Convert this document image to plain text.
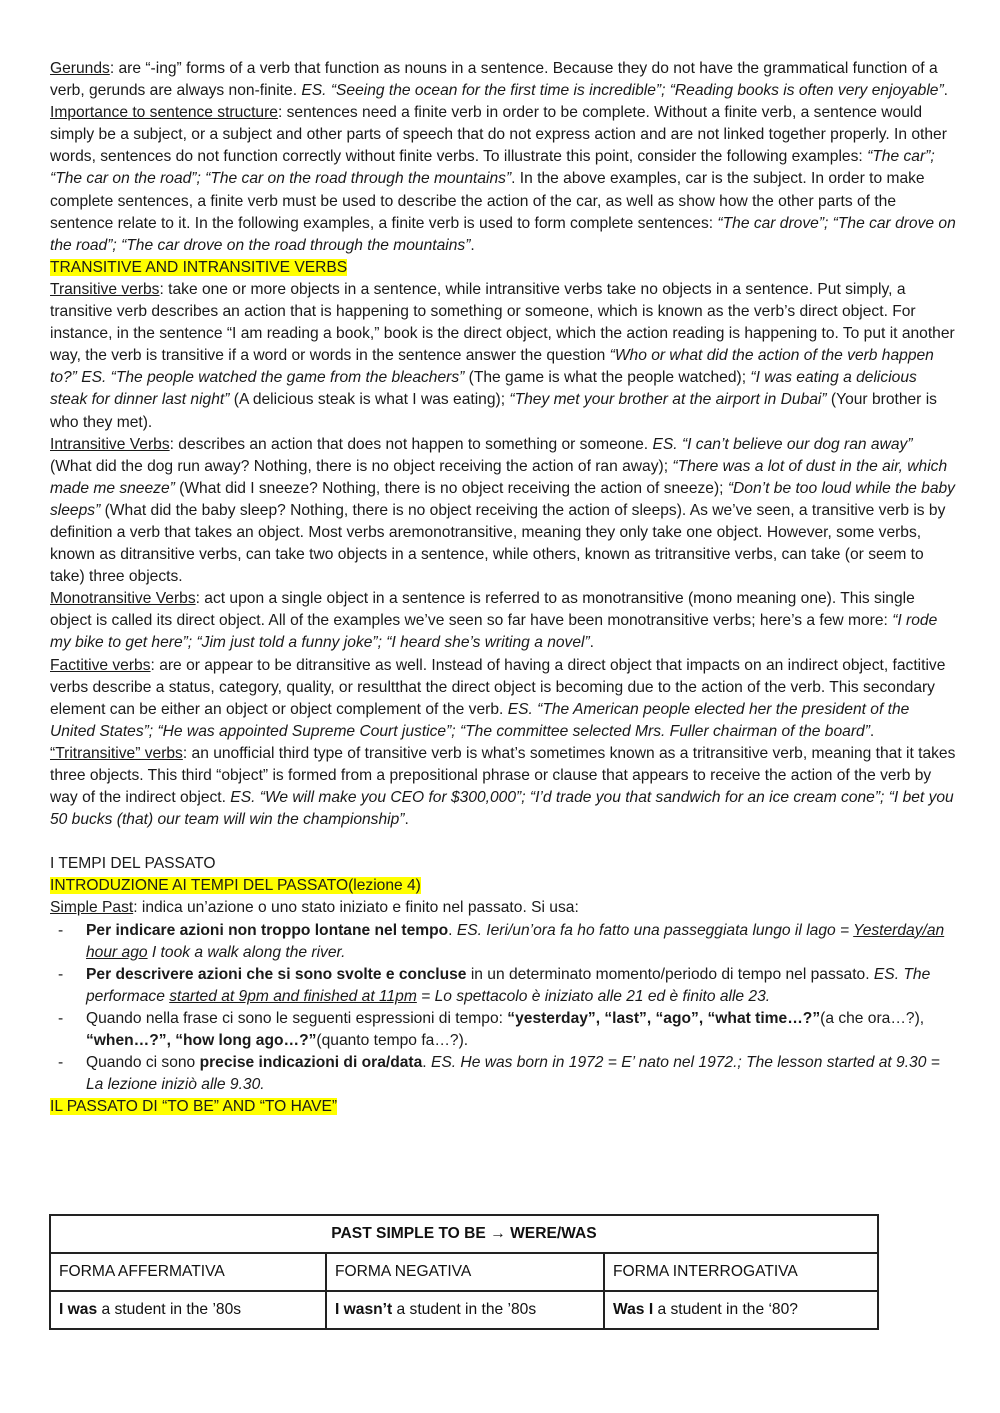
Gerunds: are “-ing” forms of a verb that function as nouns in a sentence. Because they do not have the grammatical function of a verb, gerunds are always non-finite. ES. “Seeing the ocean for the first time is incredible”; “Reading books is often very enjoyable”.

Importance to sentence structure: sentences need a finite verb in order to be complete. Without a finite verb, a sentence would simply be a subject, or a subject and other parts of speech that do not express action and are not linked together properly. In other words, sentences do not function correctly without finite verbs. To illustrate this point, consider the following examples: “The car”; “The car on the road”; “The car on the road through the mountains”. In the above examples, car is the subject. In order to make complete sentences, a finite verb must be used to describe the action of the car, as well as show how the other parts of the sentence relate to it. In the following examples, a finite verb is used to form complete sentences: “The car drove”; “The car drove on the road”; “The car drove on the road through the mountains”.

TRANSITIVE AND INTRANSITIVE VERBS

Transitive verbs: take one or more objects in a sentence, while intransitive verbs take no objects in a sentence. Put simply, a transitive verb describes an action that is happening to something or someone, which is known as the verb’s direct object. For instance, in the sentence “I am reading a book,” book is the direct object, which the action reading is happening to. To put it another way, the verb is transitive if a word or words in the sentence answer the question “Who or what did the action of the verb happen to?” ES. “The people watched the game from the bleachers” (The game is what the people watched); “I was eating a delicious steak for dinner last night” (A delicious steak is what I was eating); “They met your brother at the airport in Dubai” (Your brother is who they met).

Intransitive Verbs: describes an action that does not happen to something or someone. ES. “I can’t believe our dog ran away” (What did the dog run away? Nothing, there is no object receiving the action of ran away); “There was a lot of dust in the air, which made me sneeze” (What did I sneeze? Nothing, there is no object receiving the action of sneeze); “Don’t be too loud while the baby sleeps” (What did the baby sleep? Nothing, there is no object receiving the action of sleeps). As we’ve seen, a transitive verb is by definition a verb that takes an object. Most verbs aremonotransitive, meaning they only take one object. However, some verbs, known as ditransitive verbs, can take two objects in a sentence, while others, known as tritransitive verbs, can take (or seem to take) three objects.

Monotransitive Verbs: act upon a single object in a sentence is referred to as monotransitive (mono meaning one). This single object is called its direct object. All of the examples we’ve seen so far have been monotransitive verbs; here’s a few more: “I rode my bike to get here”; “Jim just told a funny joke”; “I heard she’s writing a novel”.

Factitive verbs: are or appear to be ditransitive as well. Instead of having a direct object that impacts on an indirect object, factitive verbs describe a status, category, quality, or resultthat the direct object is becoming due to the action of the verb. This secondary element can be either an object or object complement of the verb. ES. “The American people elected her the president of the United States”; “He was appointed Supreme Court justice”; “The committee selected Mrs. Fuller chairman of the board”.

“Tritransitive” verbs: an unofficial third type of transitive verb is what’s sometimes known as a tritransitive verb, meaning that it takes three objects. This third “object” is formed from a prepositional phrase or clause that appears to receive the action of the verb by way of the indirect object. ES. “We will make you CEO for $300,000”; “I’d trade you that sandwich for an ice cream cone”; “I bet you 50 bucks (that) our team will win the championship”.

I TEMPI DEL PASSATO

INTRODUZIONE AI TEMPI DEL PASSATO(lezione 4)

Simple Past: indica un’azione o uno stato iniziato e finito nel passato. Si usa:

- Per indicare azioni non troppo lontane nel tempo. ES. Ieri/un’ora fa ho fatto una passeggiata lungo il lago = Yesterday/an hour ago I took a walk along the river.
- Per descrivere azioni che si sono svolte e concluse in un determinato momento/periodo di tempo nel passato. ES. The performace started at 9pm and finished at 11pm = Lo spettacolo è iniziato alle 21 ed è finito alle 23.
- Quando nella frase ci sono le seguenti espressioni di tempo: “yesterday”, “last”, “ago”, “what time…?”(a che ora…?), “when…?”, “how long ago…?”(quanto tempo fa…?).
- Quando ci sono precise indicazioni di ora/data. ES. He was born in 1972 = E’ nato nel 1972.; The lesson started at 9.30 = La lezione iniziò alle 9.30.

IL PASSATO DI “TO BE” AND “TO HAVE”

PAST SIMPLE TO BE → WERE/WAS		
FORMA AFFERMATIVA	FORMA NEGATIVA	FORMA INTERROGATIVA
I was a student in the ’80s	I wasn’t a student in the ’80s	Was I a student in the ‘80?
